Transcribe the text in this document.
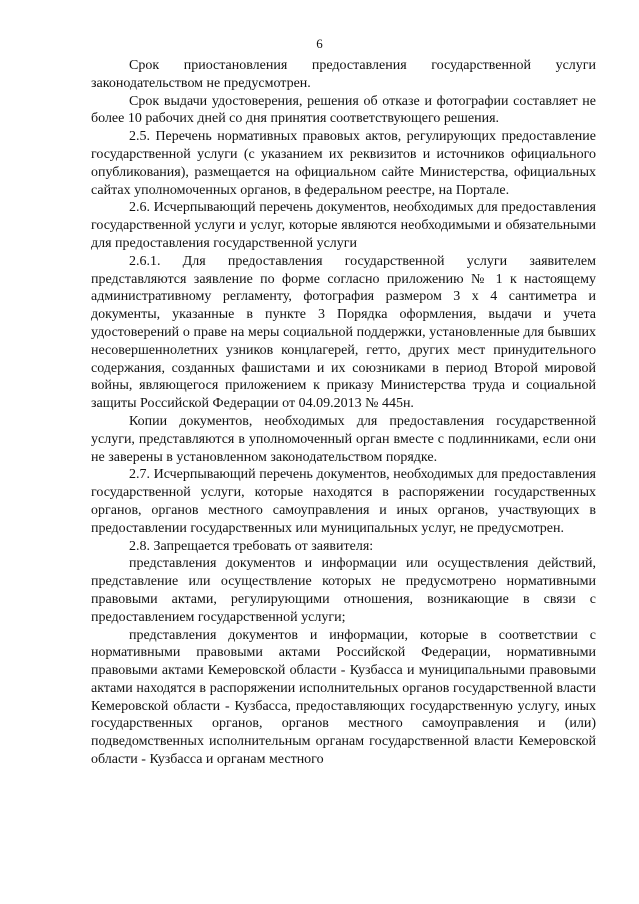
6

Срок приостановления предоставления государственной услуги законодательством не предусмотрен.

Срок выдачи удостоверения, решения об отказе и фотографии составляет не более 10 рабочих дней со дня принятия соответствующего решения.

2.5. Перечень нормативных правовых актов, регулирующих предоставление государственной услуги (с указанием их реквизитов и источников официального опубликования), размещается на официальном сайте Министерства, официальных сайтах уполномоченных органов, в федеральном реестре, на Портале.

2.6. Исчерпывающий перечень документов, необходимых для предоставления государственной услуги и услуг, которые являются необходимыми и обязательными для предоставления государственной услуги

2.6.1. Для предоставления государственной услуги заявителем представляются заявление по форме согласно приложению № 1 к настоящему административному регламенту, фотография размером 3 х 4 сантиметра и документы, указанные в пункте 3 Порядка оформления, выдачи и учета удостоверений о праве на меры социальной поддержки, установленные для бывших несовершеннолетних узников концлагерей, гетто, других мест принудительного содержания, созданных фашистами и их союзниками в период Второй мировой войны, являющегося приложением к приказу Министерства труда и социальной защиты Российской Федерации от 04.09.2013 № 445н.

Копии документов, необходимых для предоставления государственной услуги, представляются в уполномоченный орган вместе с подлинниками, если они не заверены в установленном законодательством порядке.

2.7. Исчерпывающий перечень документов, необходимых для предоставления государственной услуги, которые находятся в распоряжении государственных органов, органов местного самоуправления и иных органов, участвующих в предоставлении государственных или муниципальных услуг, не предусмотрен.

2.8. Запрещается требовать от заявителя:

представления документов и информации или осуществления действий, представление или осуществление которых не предусмотрено нормативными правовыми актами, регулирующими отношения, возникающие в связи с предоставлением государственной услуги;

представления документов и информации, которые в соответствии с нормативными правовыми актами Российской Федерации, нормативными правовыми актами Кемеровской области - Кузбасса и муниципальными правовыми актами находятся в распоряжении исполнительных органов государственной власти Кемеровской области - Кузбасса, предоставляющих государственную услугу, иных государственных органов, органов местного самоуправления и (или) подведомственных исполнительным органам государственной власти Кемеровской области - Кузбасса и органам местного
